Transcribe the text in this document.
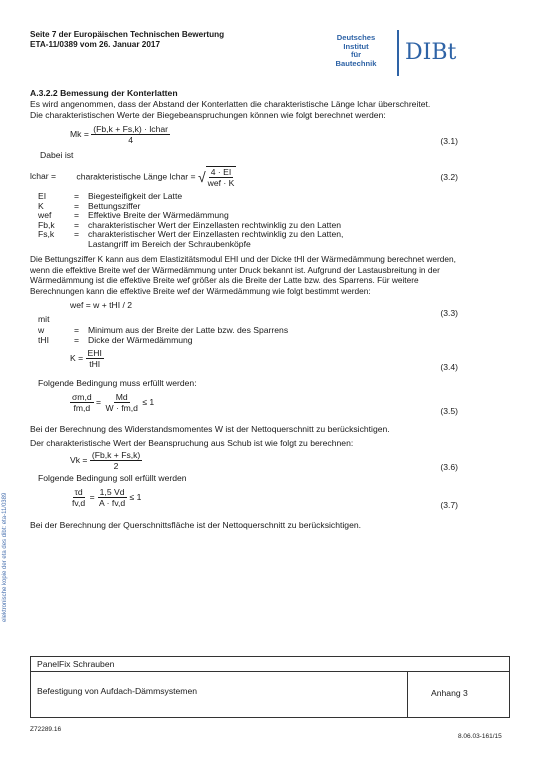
Seite 7 der Europäischen Technischen Bewertung
ETA-11/0389 vom 26. Januar 2017
Deutsches
Institut
für
Bautechnik	DIBt
elektronische kopie der eta des dibt: eta-11/0389
A.3.2.2 Bemessung der Konterlatten
Es wird angenommen, dass der Abstand der Konterlatten die charakteristische Länge lchar überschreitet.
Die charakteristischen Werte der Biegebeanspruchungen können wie folgt berechnet werden:
$Mk = \frac{\text{(Fb,k + Fs,k) · lchar}}{4}$	(3.1)
Dabei ist
lchar = charakteristische Länge lchar = √ $\frac{4 \cdot EI}{\text{wef · K}}$	(3.2)
EI	= Biegesteifigkeit der Latte
K	= Bettungsziffer
wef	= Effektive Breite der Wärmedämmung
Fb,k = charakteristischer Wert der Einzellasten rechtwinklig zu den Latten
Fs,k = charakteristischer Wert der Einzellasten rechtwinklig zu den Latten,
Lastangriff im Bereich der Schraubenköpfe
Die Bettungsziffer K kann aus dem Elastizitätsmodul EHI und der Dicke tHI der Wärmedämmung berechnet werden,
wenn die effektive Breite wef der Wärmedämmung unter Druck bekannt ist. Aufgrund der Lastausbreitung in der
Wärmedämmung ist die effektive Breite wef größer als die Breite der Latte bzw. des Sparrens. Für weitere
Berechnungen kann die effektive Breite wef der Wärmedämmung wie folgt bestimmt werden:
wef = w + tHI / 2
(3.3)
mit
w	= Minimum aus der Breite der Latte bzw. des Sparrens
tHI	= Dicke der Wärmedämmung
$K = \frac{\text{EHI}}{\text{tHI}}$	(3.4)
Folgende Bedingung muss erfüllt werden:
$\frac{\sigma m,d}{fm,d} = \frac{Md}{W \cdot fm,d} \le 1$
(3.5)
Bei der Berechnung des Widerstandsmomentes W ist der Nettoquerschnitt zu berücksichtigen.
Der charakteristische Wert der Beanspruchung aus Schub ist wie folgt zu berechnen:
$Vk = \frac{(Fb,k + Fs,k)}{2}$	(3.6)
Folgende Bedingung soll erfüllt werden
$\frac{\tau d}{fv,d} = \frac{1,5 Vd}{A \cdot fv,d} \le 1$
(3.7)
Bei der Berechnung der Querschnittsfläche ist der Nettoquerschnitt zu berücksichtigen.
PanelFix Schrauben
Befestigung von Aufdach-Dämmsystemen	Anhang 3
Z72289.16
8.06.03-161/15
